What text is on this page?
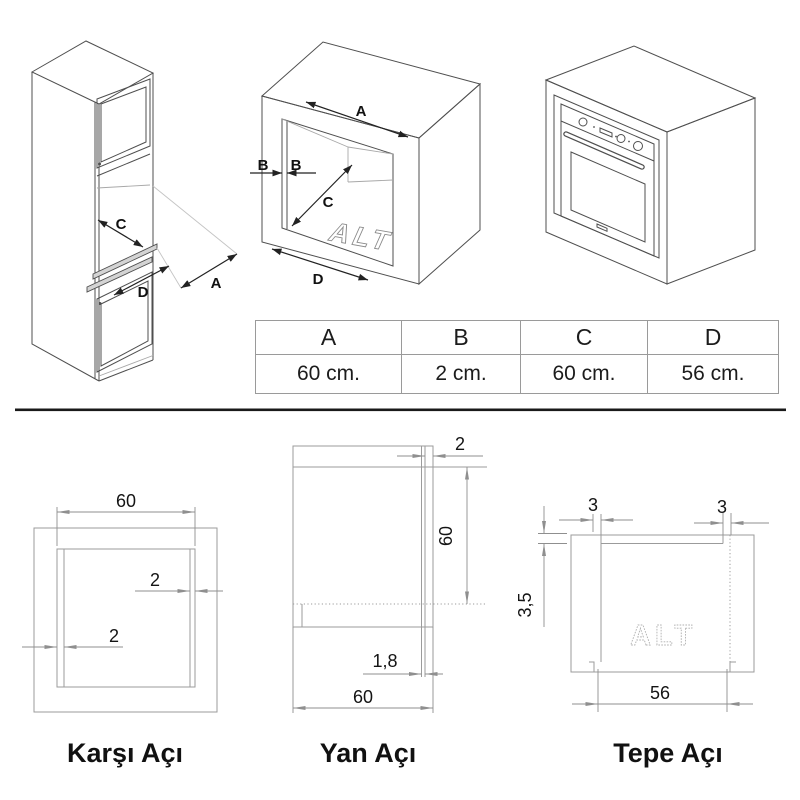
C
D
A
ALT
A
B B
C
D
60
2
2
Karşı Açı
2
60
1,8
60
Yan Açı
3	3
3,5
56
ALT
Tepe Açı
A	B	C	D
60 cm.	2 cm.	60 cm.	56 cm.
